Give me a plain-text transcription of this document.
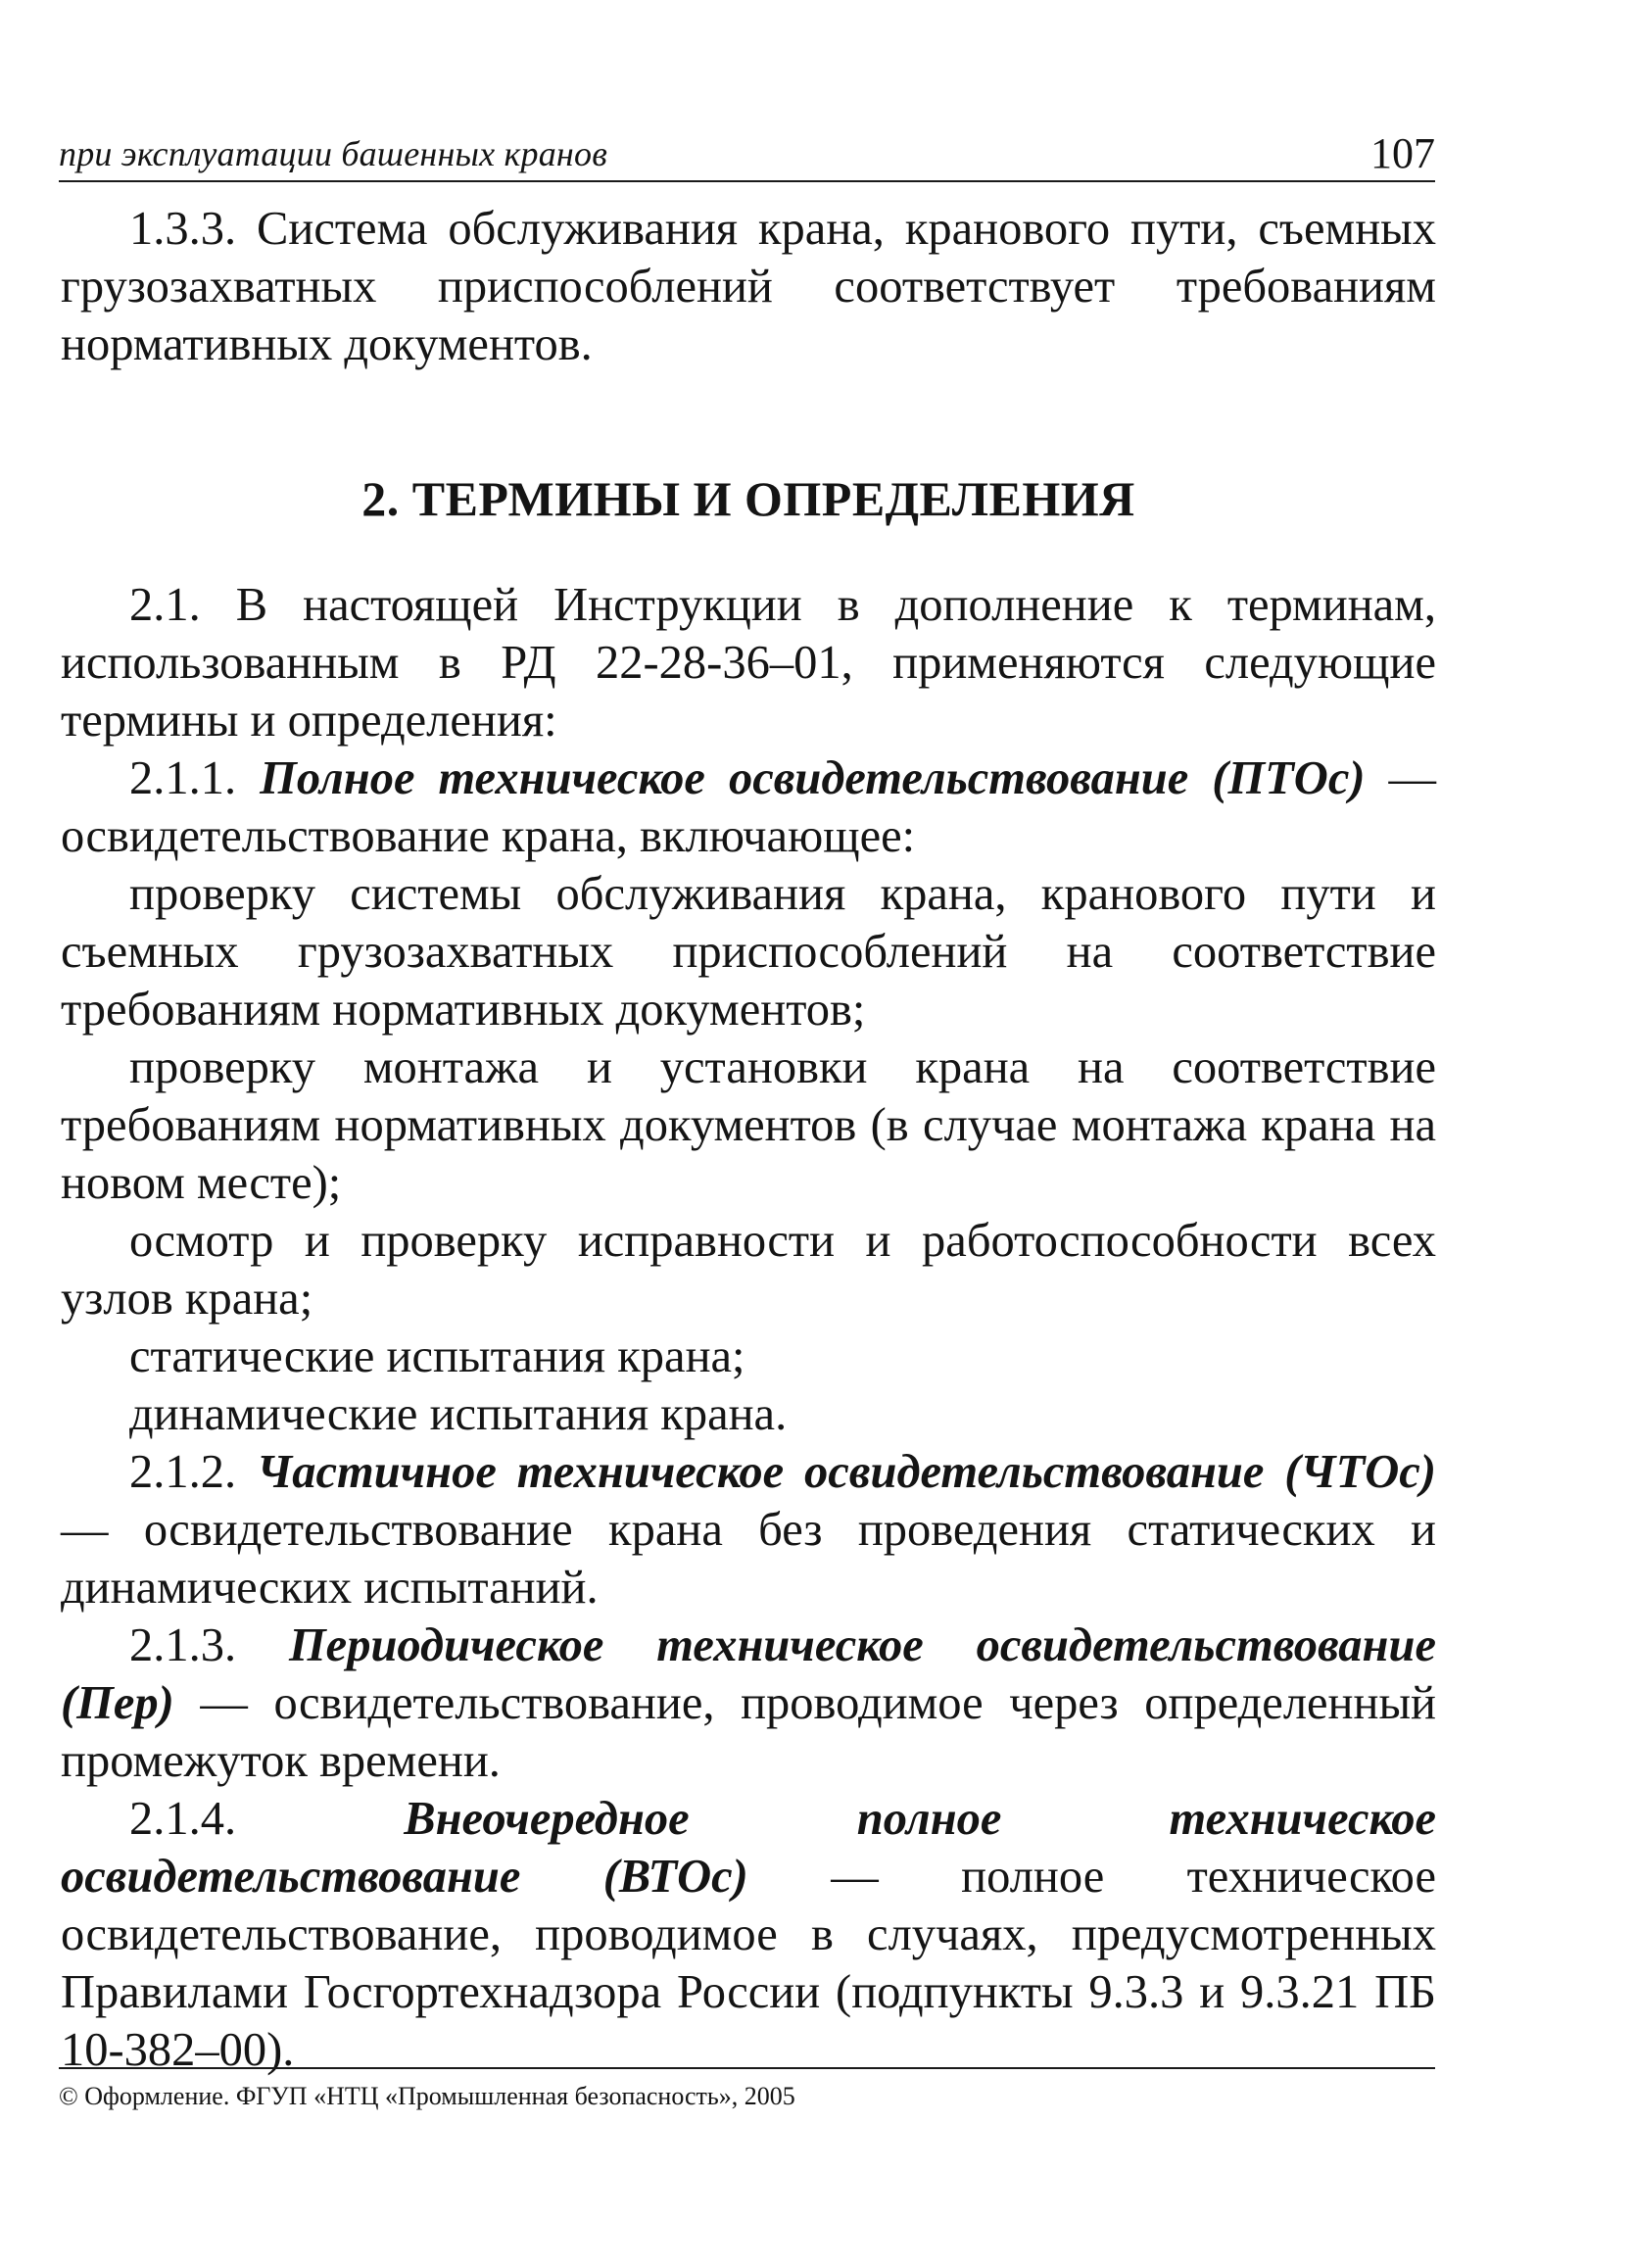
при эксплуатации башенных кранов	107

1.3.3. Система обслуживания крана, кранового пути, съемных грузозахватных приспособлений соответствует требованиям нормативных документов.

2. ТЕРМИНЫ И ОПРЕДЕЛЕНИЯ

2.1. В настоящей Инструкции в дополнение к терминам, использованным в РД 22-28-36–01, применяются следующие термины и определения:

2.1.1. Полное техническое освидетельствование (ПТОс) — освидетельствование крана, включающее:

проверку системы обслуживания крана, кранового пути и съемных грузозахватных приспособлений на соответствие требованиям нормативных документов;

проверку монтажа и установки крана на соответствие требованиям нормативных документов (в случае монтажа крана на новом месте);

осмотр и проверку исправности и работоспособности всех узлов крана;

статические испытания крана;

динамические испытания крана.

2.1.2. Частичное техническое освидетельствование (ЧТОс) — освидетельствование крана без проведения статических и динамических испытаний.

2.1.3. Периодическое техническое освидетельствование (Пер) — освидетельствование, проводимое через определенный промежуток времени.

2.1.4. Внеочередное полное техническое освидетельствование (ВТОс) — полное техническое освидетельствование, проводимое в случаях, предусмотренных Правилами Госгортехнадзора России (подпункты 9.3.3 и 9.3.21 ПБ 10-382–00).

© Оформление. ФГУП «НТЦ «Промышленная безопасность», 2005
